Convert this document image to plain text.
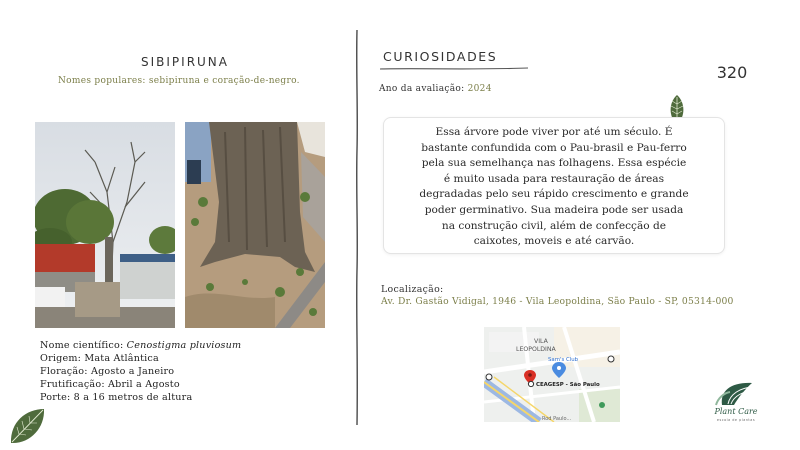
320
SIBIPIRUNA
Nomes populares: sebipiruna e coração-de-negro.
Nome científico: Cenostigma pluviosum
Origem: Mata Atlântica
Floração: Agosto a Janeiro
Frutificação: Abril a Agosto
Porte: 8 a 16 metros de altura
CURIOSIDADES
Ano da avaliação: 2024
Essa árvore pode viver por até um século. É
bastante confundida com o Pau-brasil e Pau-ferro
pela sua semelhança nas folhagens. Essa espécie
é muito usada para restauração de áreas
degradadas pelo seu rápido crescimento e grande
poder germinativo. Sua madeira pode ser usada
na construção civil, além de confecção de
caixotes, moveis e até carvão.
Localização:
Av. Dr. Gastão Vidigal, 1946 - Vila Leopoldina, São Paulo - SP, 05314-000
VILA LEOPOLDINA
Sam's Club
CEAGESP - São Paulo
Rod Paulo...
Plant Care
escola de plantas
